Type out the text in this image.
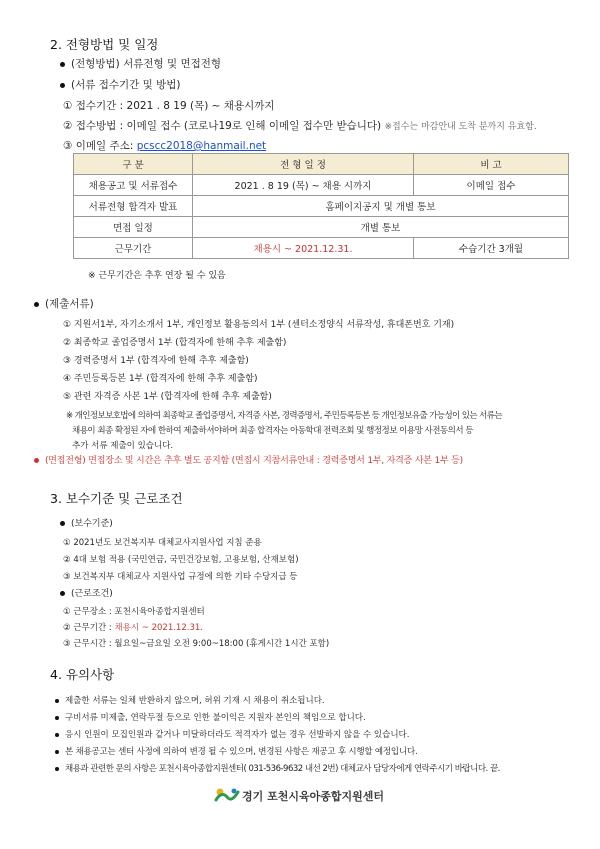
2. 전형방법 및 일정
(전형방법) 서류전형 및 면접전형
(서류 접수기간 및 방법)
① 접수기간 : 2021 . 8 19 (목) ~ 채용시까지
② 접수방법 : 이메일 접수 (코로나19로 인해 이메일 접수만 받습니다) ※접수는 마감안내 도착 분까지 유효함.
③ 이메일 주소: pcscc2018@hanmail.net
구 분	전 형 일 정	비 고
채용공고 및 서류접수	2021 . 8 19 (목) ~ 채용 시까지	이메일 접수
서류전형 합격자 발표	홈페이지공지 및 개별 통보	
면접 일정	개별 통보	
근무기간	채용시 ~ 2021.12.31.	수습기간 3개월
※ 근무기간은 추후 연장 될 수 있음
(제출서류)
① 지원서1부, 자기소개서 1부, 개인정보 활용동의서 1부 (센터소정양식 서류작성, 휴대폰번호 기재)
② 최종학교 졸업증명서 1부 (합격자에 한해 추후 제출함)
③ 경력증명서 1부 (합격자에 한해 추후 제출함)
④ 주민등록등본 1부 (합격자에 한해 추후 제출함)
⑤ 관련 자격증 사본 1부 (합격자에 한해 추후 제출함)
※ 개인정보보호법에 의하여 최종학교 졸업증명서, 자격증 사본, 경력증명서, 주민등록등본 등 개인정보유출 가능성이 있는 서류는
채용이 최종 확정된 자에 한하여 제출하셔야하며 최종 합격자는 아동학대 전력조회 및 행정정보 이용망 사전동의서 등
추가 서류 제출이 있습니다.
(면접전형) 면접장소 및 시간은 추후 별도 공지함 (면접시 지참서류안내 : 경력증명서 1부, 자격증 사본 1부 등)
3. 보수기준 및 근로조건
(보수기준)
① 2021년도 보건복지부 대체교사지원사업 지침 준용
② 4대 보험 적용 (국민연금, 국민건강보험, 고용보험, 산재보험)
③ 보건복지부 대체교사 지원사업 규정에 의한 기타 수당지급 등
(근로조건)
① 근무장소 : 포천시육아종합지원센터
② 근무기간 : 채용시 ~ 2021.12.31.
③ 근무시간 : 월요일~금요일 오전 9:00~18:00 (휴게시간 1시간 포함)
4. 유의사항
제출한 서류는 일체 반환하지 않으며, 허위 기재 시 채용이 취소됩니다.
구비서류 미제출, 연락두절 등으로 인한 불이익은 지원자 본인의 책임으로 합니다.
응시 인원이 모집인원과 같거나 미달하더라도 적격자가 없는 경우 선발하지 않을 수 있습니다.
본 채용공고는 센터 사정에 의하여 변경 될 수 있으며, 변경된 사항은 재공고 후 시행할 예정입니다.
채용과 관련한 문의 사항은 포천시육아종합지원센터( 031-536-9632 내선 2번) 대체교사 담당자에게 연락주시기 바랍니다. 끝.
경기 포천시육아종합지원센터
